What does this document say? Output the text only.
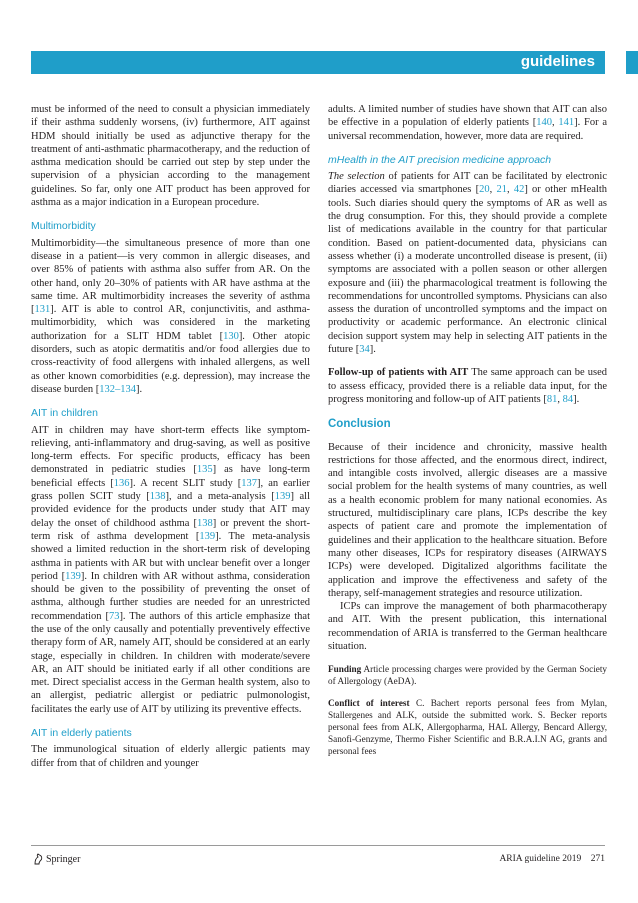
guidelines

must be informed of the need to consult a physician immediately if their asthma suddenly worsens, (iv) furthermore, AIT against HDM should initially be used as adjunctive therapy for the treatment of anti-asthmatic pharmacotherapy, and the reduction of asthma medication should be carried out step by step under the supervision of a physician according to the management guidelines. So far, only one AIT product has been approved for asthma as a major indication in a European procedure.

Multimorbidity

Multimorbidity—the simultaneous presence of more than one disease in a patient—is very common in allergic diseases, and over 85% of patients with asthma also suffer from AR. On the other hand, only 20–30% of patients with AR have asthma at the same time. AR multimorbidity increases the severity of asthma [131]. AIT is able to control AR, conjunctivitis, and asthma-multimorbidity, which was considered in the marketing authorization for a SLIT HDM tablet [130]. Other atopic disorders, such as atopic dermatitis and/or food allergies due to cross-reactivity of food allergens with inhaled allergens, as well as other known comorbidities (e.g. depression), may increase the disease burden [132–134].

AIT in children

AIT in children may have short-term effects like symptom-relieving, anti-inflammatory and drug-saving, as well as positive long-term effects. For specific products, efficacy has been demonstrated in pediatric studies [135] as have long-term beneficial effects [136]. A recent SLIT study [137], an earlier grass pollen SCIT study [138], and a meta-analysis [139] all provided evidence for the products under study that AIT may delay the onset of childhood asthma [138] or prevent the short-term risk of asthma development [139]. The meta-analysis showed a limited reduction in the short-term risk of developing asthma in patients with AR but with unclear benefit over a longer period [139]. In children with AR without asthma, consideration should be given to the possibility of preventing the onset of asthma, although further studies are needed for an unrestricted recommendation [73]. The authors of this article emphasize that the use of the only causally and potentially preventively effective therapy form of AR, namely AIT, should be considered at an early stage, especially in children. In children with moderate/severe AR, an AIT should be initiated early if all other conditions are met. Direct specialist access in the German health system, also to an allergist, pediatric allergist or pediatric pulmonologist, facilitates the early use of AIT by utilizing its preventive effects.

AIT in elderly patients

The immunological situation of elderly allergic patients may differ from that of children and younger

adults. A limited number of studies have shown that AIT can also be effective in a population of elderly patients [140, 141]. For a universal recommendation, however, more data are required.

mHealth in the AIT precision medicine approach

The selection of patients for AIT can be facilitated by electronic diaries accessed via smartphones [20, 21, 42] or other mHealth tools. Such diaries should query the symptoms of AR as well as the drug consumption. For this, they should provide a complete list of medications available in the country for that particular condition. Based on patient-documented data, physicians can assess whether (i) a moderate uncontrolled disease is present, (ii) symptoms are associated with a pollen season or other allergen exposure and (iii) the pharmacological treatment is following the recommendations for uncontrolled symptoms. Physicians can also assess the duration of uncontrolled symptoms and the impact on productivity or academic performance. An electronic clinical decision support system may help in selecting AIT patients in the future [34].

Follow-up of patients with AIT The same approach can be used to assess efficacy, provided there is a reliable data input, for the progress monitoring and follow-up of AIT patients [81, 84].

Conclusion

Because of their incidence and chronicity, massive health restrictions for those affected, and the enormous direct, indirect, and intangible costs involved, allergic diseases are a massive social problem for the health systems of many countries, as well as a health economic problem for many national economies. As structured, multidisciplinary care plans, ICPs describe the key aspects of patient care and promote the implementation of guidelines and their application to the healthcare situation. Before many other diseases, ICPs for respiratory diseases (AIRWAYS ICPs) were developed. Digitalized algorithms facilitate the application and improve the effectiveness and safety of the therapy, self-management strategies and resource utilization.

ICPs can improve the management of both pharmacotherapy and AIT. With the present publication, this international recommendation of ARIA is transferred to the German healthcare situation.

Funding Article processing charges were provided by the German Society of Allergology (AeDA).

Conflict of interest C. Bachert reports personal fees from Mylan, Stallergenes and ALK, outside the submitted work. S. Becker reports personal fees from ALK, Allergopharma, HAL Allergy, Bencard Allergy, Sanofi-Genzyme, Thermo Fisher Scientific and B.R.A.I.N AG, grants and personal fees

Springer	ARIA guideline 2019 271
